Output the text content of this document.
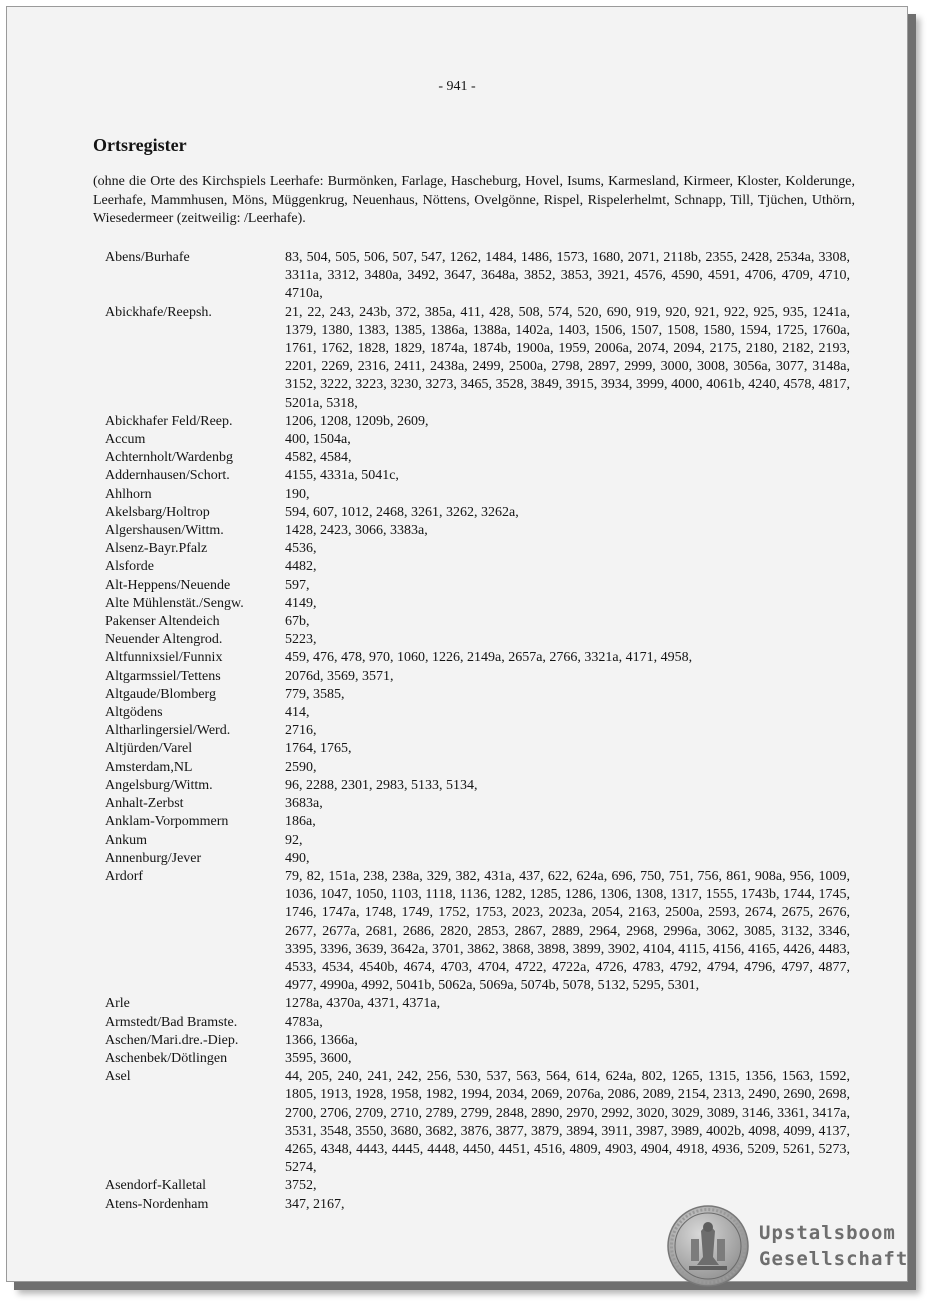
- 941 -
Ortsregister
(ohne die Orte des Kirchspiels Leerhafe: Burmönken, Farlage, Hascheburg, Hovel, Isums, Karmesland, Kirmeer, Kloster, Kolderunge, Leerhafe, Mammhusen, Möns, Müggenkrug, Neuenhaus, Nöttens, Ovelgönne, Rispel, Rispelerhelmt, Schnapp, Till, Tjüchen, Uthörn, Wiesedermeer (zeitweilig: /Leerhafe).
Abens/Burhafe	83, 504, 505, 506, 507, 547, 1262, 1484, 1486, 1573, 1680, 2071, 2118b, 2355, 2428, 2534a, 3308, 3311a, 3312, 3480a, 3492, 3647, 3648a, 3852, 3853, 3921, 4576, 4590, 4591, 4706, 4709, 4710, 4710a,
Abickhafe/Reepsh.	21, 22, 243, 243b, 372, 385a, 411, 428, 508, 574, 520, 690, 919, 920, 921, 922, 925, 935, 1241a, 1379, 1380, 1383, 1385, 1386a, 1388a, 1402a, 1403, 1506, 1507, 1508, 1580, 1594, 1725, 1760a, 1761, 1762, 1828, 1829, 1874a, 1874b, 1900a, 1959, 2006a, 2074, 2094, 2175, 2180, 2182, 2193, 2201, 2269, 2316, 2411, 2438a, 2499, 2500a, 2798, 2897, 2999, 3000, 3008, 3056a, 3077, 3148a, 3152, 3222, 3223, 3230, 3273, 3465, 3528, 3849, 3915, 3934, 3999, 4000, 4061b, 4240, 4578, 4817, 5201a, 5318,
Abickhafer Feld/Reep.	1206, 1208, 1209b, 2609,
Accum	400, 1504a,
Achternholt/Wardenbg	4582, 4584,
Addernhausen/Schort.	4155, 4331a, 5041c,
Ahlhorn	190,
Akelsbarg/Holtrop	594, 607, 1012, 2468, 3261, 3262, 3262a,
Algershausen/Wittm.	1428, 2423, 3066, 3383a,
Alsenz-Bayr.Pfalz	4536,
Alsforde	4482,
Alt-Heppens/Neuende	597,
Alte Mühlenstät./Sengw.	4149,
Pakenser Altendeich	67b,
Neuender Altengrod.	5223,
Altfunnixsiel/Funnix	459, 476, 478, 970, 1060, 1226, 2149a, 2657a, 2766, 3321a, 4171, 4958,
Altgarmssiel/Tettens	2076d, 3569, 3571,
Altgaude/Blomberg	779, 3585,
Altgödens	414,
Altharlingersiel/Werd.	2716,
Altjürden/Varel	1764, 1765,
Amsterdam,NL	2590,
Angelsburg/Wittm.	96, 2288, 2301, 2983, 5133, 5134,
Anhalt-Zerbst	3683a,
Anklam-Vorpommern	186a,
Ankum	92,
Annenburg/Jever	490,
Ardorf	79, 82, 151a, 238, 238a, 329, 382, 431a, 437, 622, 624a, 696, 750, 751, 756, 861, 908a, 956, 1009, 1036, 1047, 1050, 1103, 1118, 1136, 1282, 1285, 1286, 1306, 1308, 1317, 1555, 1743b, 1744, 1745, 1746, 1747a, 1748, 1749, 1752, 1753, 2023, 2023a, 2054, 2163, 2500a, 2593, 2674, 2675, 2676, 2677, 2677a, 2681, 2686, 2820, 2853, 2867, 2889, 2964, 2968, 2996a, 3062, 3085, 3132, 3346, 3395, 3396, 3639, 3642a, 3701, 3862, 3868, 3898, 3899, 3902, 4104, 4115, 4156, 4165, 4426, 4483, 4533, 4534, 4540b, 4674, 4703, 4704, 4722, 4722a, 4726, 4783, 4792, 4794, 4796, 4797, 4877, 4977, 4990a, 4992, 5041b, 5062a, 5069a, 5074b, 5078, 5132, 5295, 5301,
Arle	1278a, 4370a, 4371, 4371a,
Armstedt/Bad Bramste.	4783a,
Aschen/Mari.dre.-Diep.	1366, 1366a,
Aschenbek/Dötlingen	3595, 3600,
Asel	44, 205, 240, 241, 242, 256, 530, 537, 563, 564, 614, 624a, 802, 1265, 1315, 1356, 1563, 1592, 1805, 1913, 1928, 1958, 1982, 1994, 2034, 2069, 2076a, 2086, 2089, 2154, 2313, 2490, 2690, 2698, 2700, 2706, 2709, 2710, 2789, 2799, 2848, 2890, 2970, 2992, 3020, 3029, 3089, 3146, 3361, 3417a, 3531, 3548, 3550, 3680, 3682, 3876, 3877, 3879, 3894, 3911, 3987, 3989, 4002b, 4098, 4099, 4137, 4265, 4348, 4443, 4445, 4448, 4450, 4451, 4516, 4809, 4903, 4904, 4918, 4936, 5209, 5261, 5273, 5274,
Asendorf-Kalletal	3752,
Atens-Nordenham	347, 2167,
Upstalsboom
Gesellschaft
